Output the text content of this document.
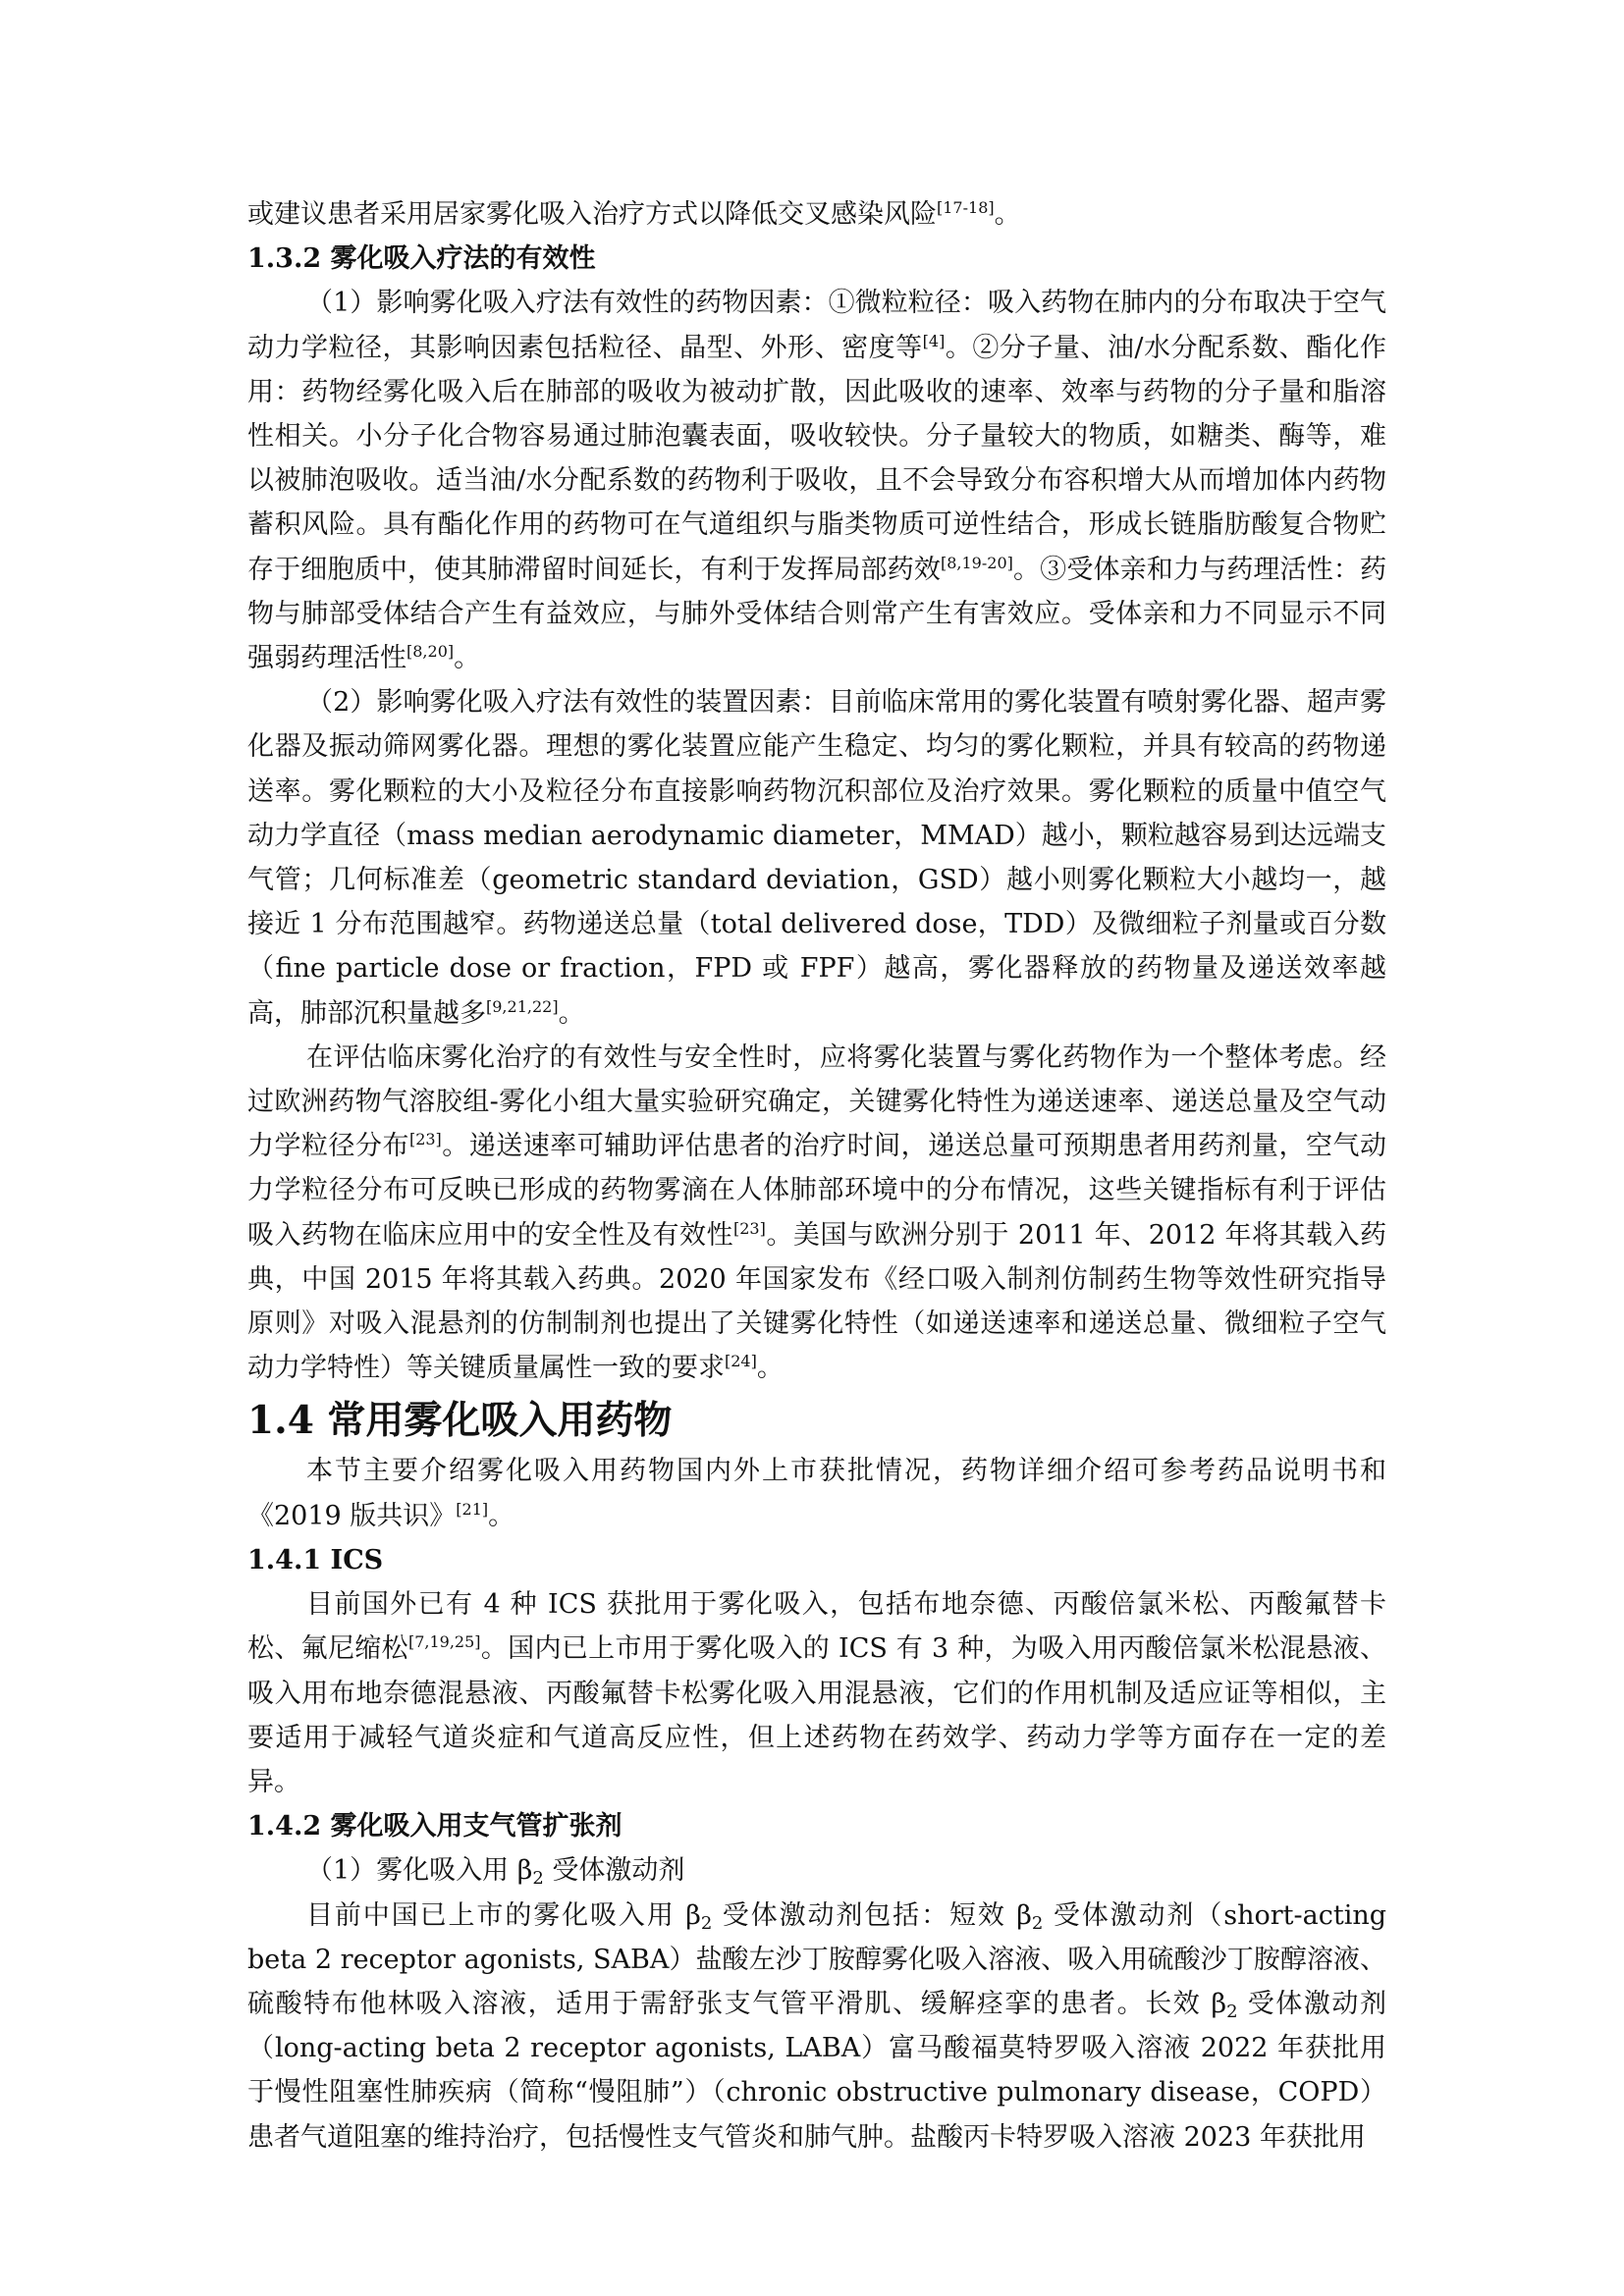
或建议患者采用居家雾化吸入治疗方式以降低交叉感染风险[17-18]。

1.3.2 雾化吸入疗法的有效性

（1）影响雾化吸入疗法有效性的药物因素：①微粒粒径：吸入药物在肺内的分布取决于空气动力学粒径，其影响因素包括粒径、晶型、外形、密度等[4]。②分子量、油/水分配系数、酯化作用：药物经雾化吸入后在肺部的吸收为被动扩散，因此吸收的速率、效率与药物的分子量和脂溶性相关。小分子化合物容易通过肺泡囊表面，吸收较快。分子量较大的物质，如糖类、酶等，难以被肺泡吸收。适当油/水分配系数的药物利于吸收，且不会导致分布容积增大从而增加体内药物蓄积风险。具有酯化作用的药物可在气道组织与脂类物质可逆性结合，形成长链脂肪酸复合物贮存于细胞质中，使其肺滞留时间延长，有利于发挥局部药效[8,19-20]。③受体亲和力与药理活性：药物与肺部受体结合产生有益效应，与肺外受体结合则常产生有害效应。受体亲和力不同显示不同强弱药理活性[8,20]。

（2）影响雾化吸入疗法有效性的装置因素：目前临床常用的雾化装置有喷射雾化器、超声雾化器及振动筛网雾化器。理想的雾化装置应能产生稳定、均匀的雾化颗粒，并具有较高的药物递送率。雾化颗粒的大小及粒径分布直接影响药物沉积部位及治疗效果。雾化颗粒的质量中值空气动力学直径（mass median aerodynamic diameter，MMAD）越小，颗粒越容易到达远端支气管；几何标准差（geometric standard deviation，GSD）越小则雾化颗粒大小越均一，越接近 1 分布范围越窄。药物递送总量（total delivered dose，TDD）及微细粒子剂量或百分数（fine particle dose or fraction，FPD 或 FPF）越高，雾化器释放的药物量及递送效率越高，肺部沉积量越多[9,21,22]。

在评估临床雾化治疗的有效性与安全性时，应将雾化装置与雾化药物作为一个整体考虑。经过欧洲药物气溶胶组-雾化小组大量实验研究确定，关键雾化特性为递送速率、递送总量及空气动力学粒径分布[23]。递送速率可辅助评估患者的治疗时间，递送总量可预期患者用药剂量，空气动力学粒径分布可反映已形成的药物雾滴在人体肺部环境中的分布情况，这些关键指标有利于评估吸入药物在临床应用中的安全性及有效性[23]。美国与欧洲分别于 2011 年、2012 年将其载入药典，中国 2015 年将其载入药典。2020 年国家发布《经口吸入制剂仿制药生物等效性研究指导原则》对吸入混悬剂的仿制制剂也提出了关键雾化特性（如递送速率和递送总量、微细粒子空气动力学特性）等关键质量属性一致的要求[24]。

1.4 常用雾化吸入用药物

本节主要介绍雾化吸入用药物国内外上市获批情况，药物详细介绍可参考药品说明书和《2019 版共识》[21]。

1.4.1 ICS

目前国外已有 4 种 ICS 获批用于雾化吸入，包括布地奈德、丙酸倍氯米松、丙酸氟替卡松、氟尼缩松[7,19,25]。国内已上市用于雾化吸入的 ICS 有 3 种，为吸入用丙酸倍氯米松混悬液、吸入用布地奈德混悬液、丙酸氟替卡松雾化吸入用混悬液，它们的作用机制及适应证等相似，主要适用于减轻气道炎症和气道高反应性，但上述药物在药效学、药动力学等方面存在一定的差异。

1.4.2 雾化吸入用支气管扩张剂

（1）雾化吸入用 $\beta_2$ 受体激动剂

目前中国已上市的雾化吸入用 $\beta_2$ 受体激动剂包括：短效 $\beta_2$ 受体激动剂（short-acting beta 2 receptor agonists, SABA）盐酸左沙丁胺醇雾化吸入溶液、吸入用硫酸沙丁胺醇溶液、硫酸特布他林吸入溶液，适用于需舒张支气管平滑肌、缓解痉挛的患者。长效 $\beta_2$ 受体激动剂（long-acting beta 2 receptor agonists, LABA）富马酸福莫特罗吸入溶液 2022 年获批用于慢性阻塞性肺疾病（简称“慢阻肺”）（chronic obstructive pulmonary disease，COPD）患者气道阻塞的维持治疗，包括慢性支气管炎和肺气肿。盐酸丙卡特罗吸入溶液 2023 年获批用
